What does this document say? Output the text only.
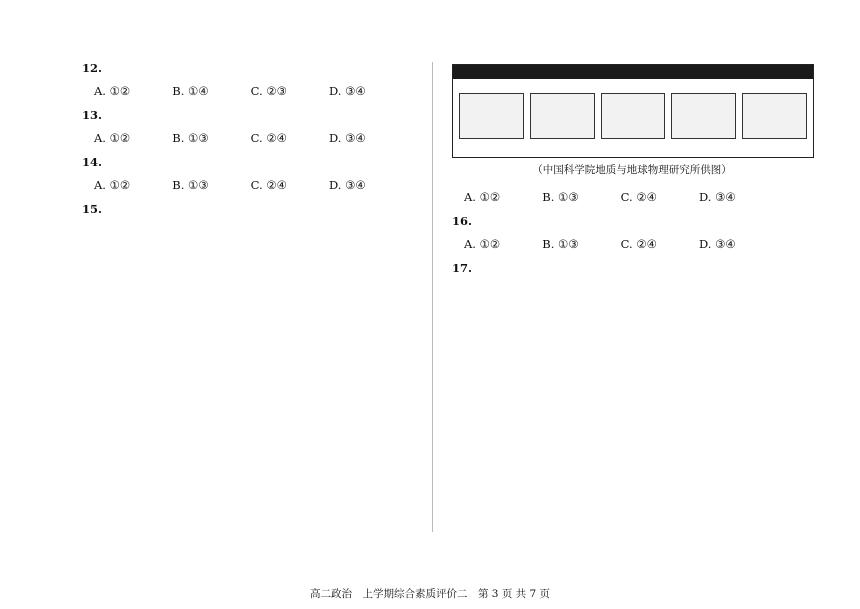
12.
A. ①②	B. ①④	C. ②③	D. ③④
13.
A. ①②	B. ①③	C. ②④	D. ③④
14.
A. ①②	B. ①③	C. ②④	D. ③④
15.
（中国科学院地质与地球物理研究所供图）
A. ①②	B. ①③	C. ②④	D. ③④
16.
A. ①②	B. ①③	C. ②④	D. ③④
17.
高二政治　上学期综合素质评价二　第 3 页 共 7 页
